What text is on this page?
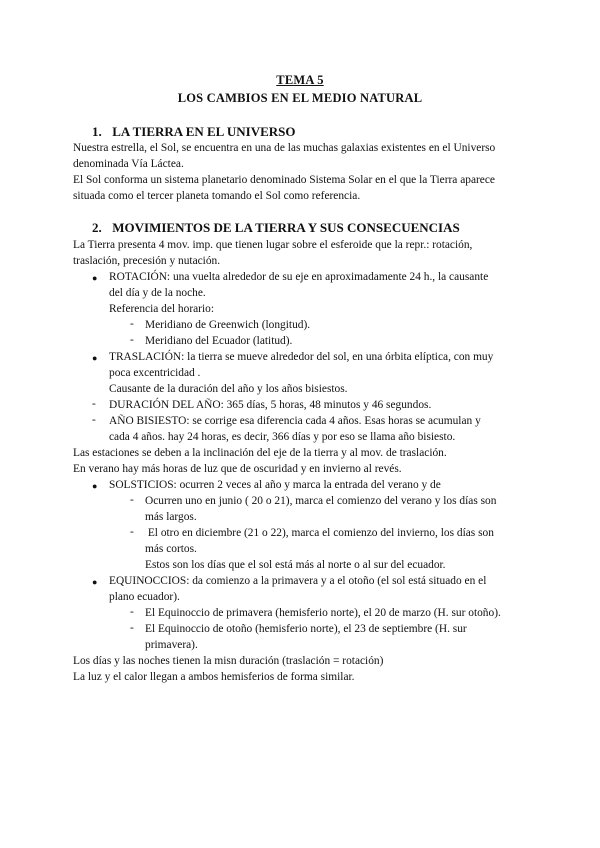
TEMA 5
LOS CAMBIOS EN EL MEDIO NATURAL
1. LA TIERRA EN EL UNIVERSO
Nuestra estrella, el Sol, se encuentra en una de las muchas galaxias existentes en el Universo
denominada Vía Láctea.
El Sol conforma un sistema planetario denominado Sistema Solar en el que la Tierra aparece
situada como el tercer planeta tomando el Sol como referencia.
2. MOVIMIENTOS DE LA TIERRA Y SUS CONSECUENCIAS
La Tierra presenta 4 mov. imp. que tienen lugar sobre el esferoide que la repr.: rotación,
traslación, precesión y nutación.
● ROTACIÓN: una vuelta alrededor de su eje en aproximadamente 24 h., la causante
del día y de la noche.
Referencia del horario:
- Meridiano de Greenwich (longitud).
- Meridiano del Ecuador (latitud).
● TRASLACIÓN: la tierra se mueve alrededor del sol, en una órbita elíptica, con muy
poca excentricidad .
Causante de la duración del año y los años bisiestos.
- DURACIÓN DEL AÑO: 365 días, 5 horas, 48 minutos y 46 segundos.
- AÑO BISIESTO: se corrige esa diferencia cada 4 años. Esas horas se acumulan y
cada 4 años. hay 24 horas, es decir, 366 días y por eso se llama año bisiesto.
Las estaciones se deben a la inclinación del eje de la tierra y al mov. de traslación.
En verano hay más horas de luz que de oscuridad y en invierno al revés.
● SOLSTICIOS: ocurren 2 veces al año y marca la entrada del verano y de
- Ocurren uno en junio ( 20 o 21), marca el comienzo del verano y los días son
más largos.
- El otro en diciembre (21 o 22), marca el comienzo del invierno, los días son
más cortos.
Estos son los días que el sol está más al norte o al sur del ecuador.
● EQUINOCCIOS: da comienzo a la primavera y a el otoño (el sol está situado en el
plano ecuador).
- El Equinoccio de primavera (hemisferio norte), el 20 de marzo (H. sur otoño).
- El Equinoccio de otoño (hemisferio norte), el 23 de septiembre (H. sur
primavera).
Los días y las noches tienen la misn duración (traslación = rotación)
La luz y el calor llegan a ambos hemisferios de forma similar.
